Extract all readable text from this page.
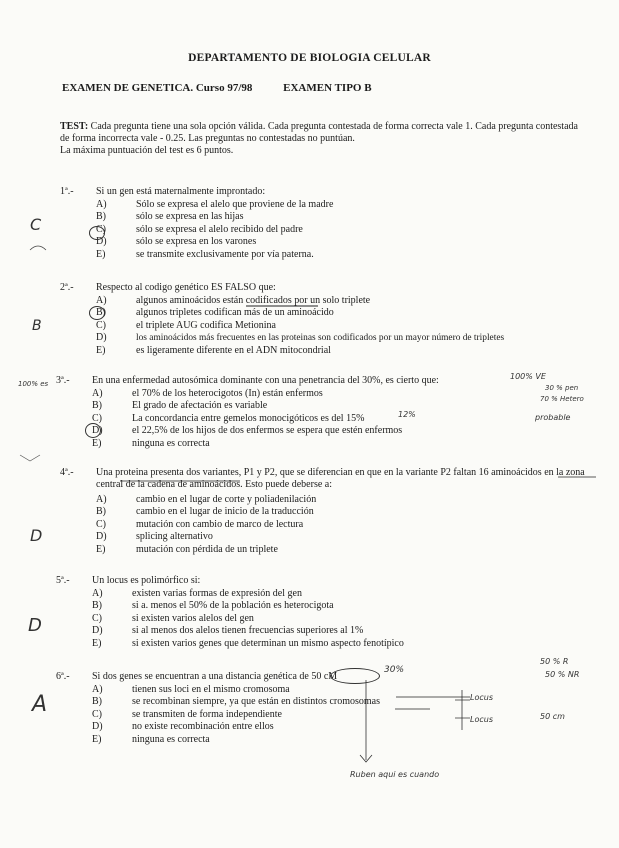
DEPARTAMENTO DE BIOLOGIA CELULAR
EXAMEN DE GENETICA. Curso 97/98	EXAMEN TIPO B
TEST: Cada pregunta tiene una sola opción válida. Cada pregunta contestada de forma correcta vale 1. Cada pregunta contestada de forma incorrecta vale - 0.25. Las preguntas no contestadas no puntúan.
La máxima puntuación del test es 6 puntos.
1ª.- Si un gen está maternalmente improntado:
A)	Sólo se expresa el alelo que proviene de la madre
B)	sólo se expresa en las hijas
C)	sólo se expresa el alelo recibido del padre
D)	sólo se expresa en los varones
E)	se transmite exclusivamente por vía paterna.
2ª.- Respecto al codigo genético ES FALSO que:
A)	algunos aminoácidos están codificados por un solo triplete
B)	algunos tripletes codifican más de un aminoácido
C)	el triplete AUG codifica Metionina
D)	los aminoácidos más frecuentes en las proteinas son codificados por un mayor número de tripletes
E)	es ligeramente diferente en el ADN mitocondrial
3ª.- En una enfermedad autosómica dominante con una penetrancia del 30%, es cierto que:
A)	el 70% de los heterocigotos (In) están enfermos
B)	El grado de afectación es variable
C)	La concordancia entre gemelos monocigóticos es del 15%
D)	el 22,5% de los hijos de dos enfermos se espera que estén enfermos
E)	ninguna es correcta
4ª.- Una proteina presenta dos variantes, P1 y P2, que se diferencian en que en la variante P2 faltan 16 aminoácidos en la zona central de la cadena de aminoácidos. Esto puede deberse a:
A)	cambio en el lugar de corte y poliadenilación
B)	cambio en el lugar de inicio de la traducción
C)	mutación con cambio de marco de lectura
D)	splicing alternativo
E)	mutación con pérdida de un triplete
5ª.- Un locus es polimórfico si:
A)	existen varias formas de expresión del gen
B)	si a. menos el 50% de la población es heterocigota
C)	si existen varios alelos del gen
D)	si al menos dos alelos tienen frecuencias superiores al 1%
E)	si existen varios genes que determinan un mismo aspecto fenotípico
6ª.- Si dos genes se encuentran a una distancia genética de 50 cM
A)	tienen sus loci en el mismo cromosoma
B)	se recombinan siempre, ya que están en distintos cromosomas
C)	se transmiten de forma independiente
D)	no existe recombinación entre ellos
E)	ninguna es correcta
C
B
100% es
100% VE
30 % pen
70 % Hetero
probable
12%
D
D
A
30%
50 % R
50 % NR
Locus
Locus	50 cm
Ruben aqui es cuando
